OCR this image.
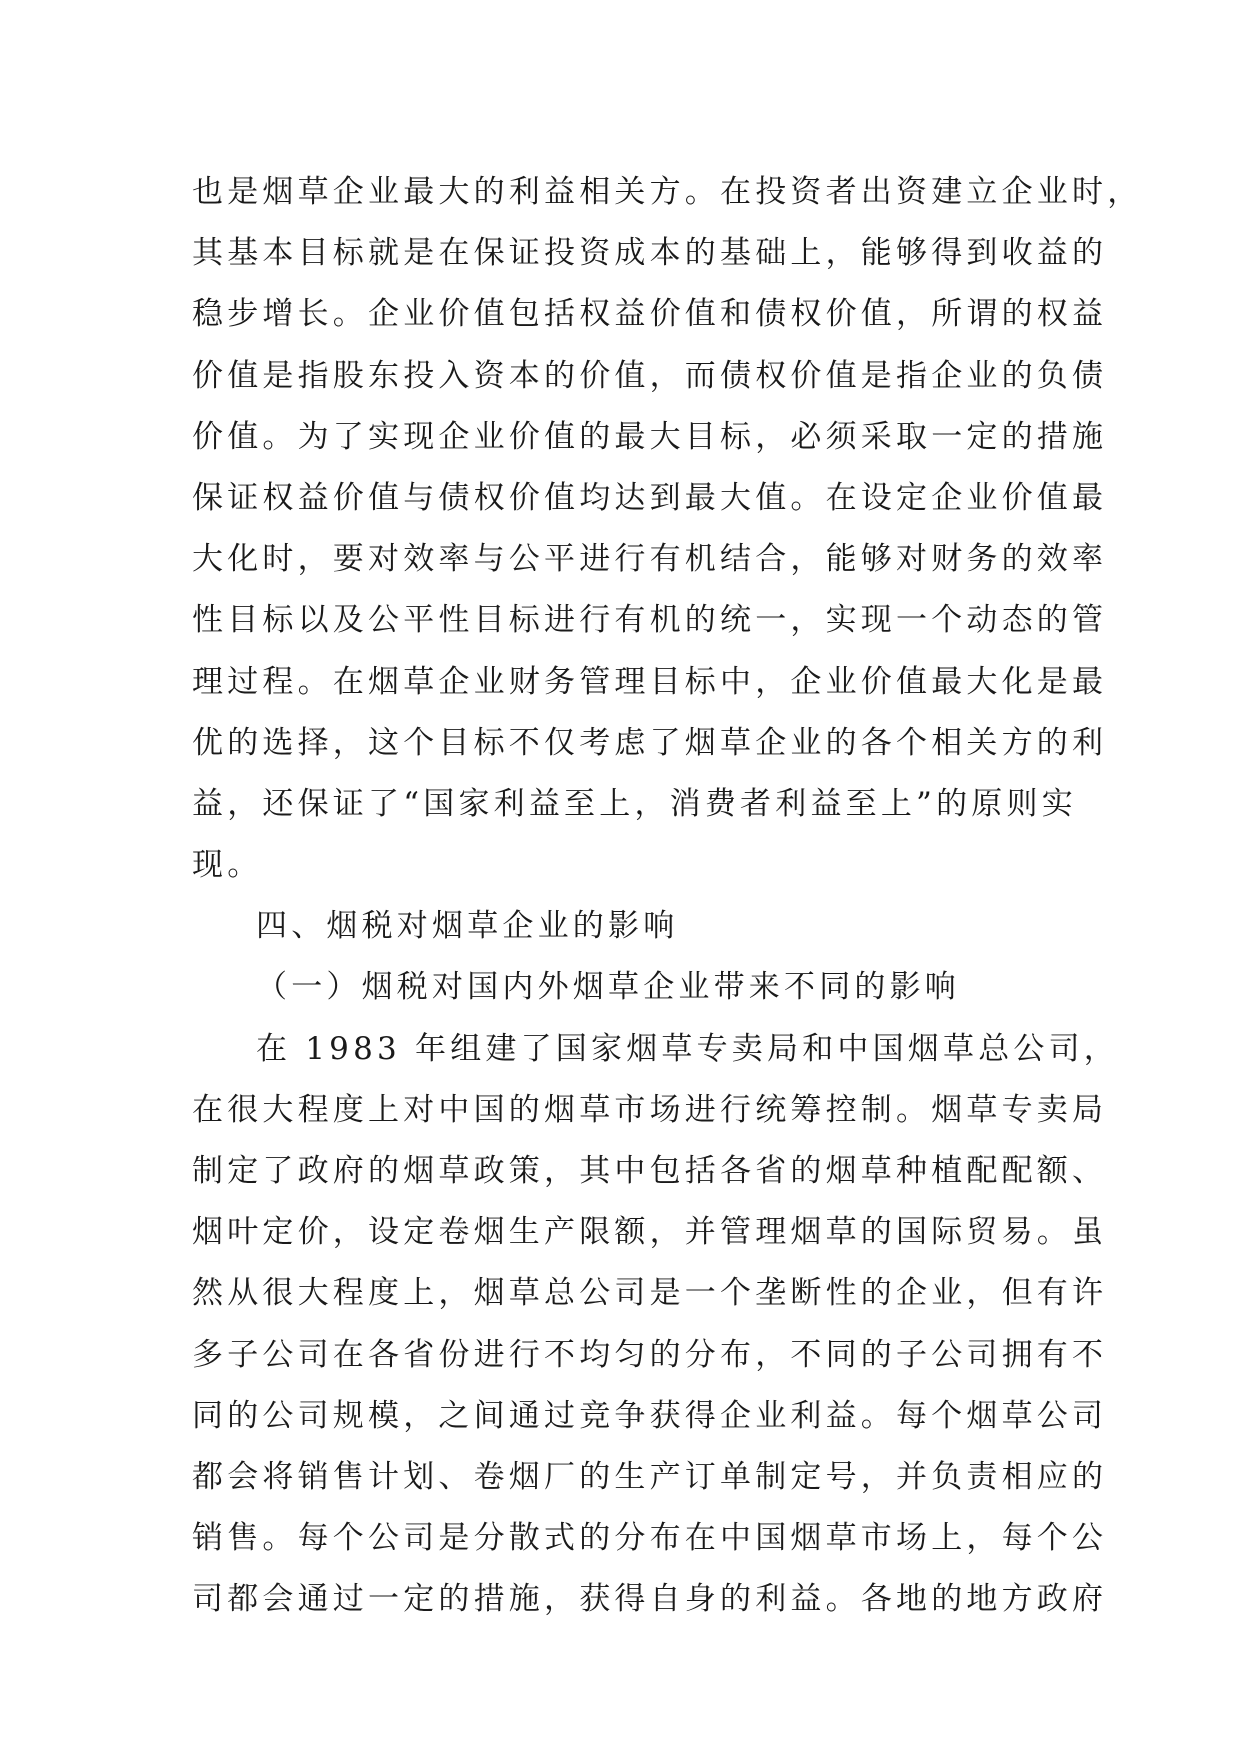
也是烟草企业最大的利益相关方。在投资者出资建立企业时，
其基本目标就是在保证投资成本的基础上，能够得到收益的
稳步增长。企业价值包括权益价值和债权价值，所谓的权益
价值是指股东投入资本的价值，而债权价值是指企业的负债
价值。为了实现企业价值的最大目标，必须采取一定的措施
保证权益价值与债权价值均达到最大值。在设定企业价值最
大化时，要对效率与公平进行有机结合，能够对财务的效率
性目标以及公平性目标进行有机的统一，实现一个动态的管
理过程。在烟草企业财务管理目标中，企业价值最大化是最
优的选择，这个目标不仅考虑了烟草企业的各个相关方的利
益，还保证了“国家利益至上，消费者利益至上”的原则实
现。
四、烟税对烟草企业的影响
（一）烟税对国内外烟草企业带来不同的影响
在 1983 年组建了国家烟草专卖局和中国烟草总公司，
在很大程度上对中国的烟草市场进行统筹控制。烟草专卖局
制定了政府的烟草政策，其中包括各省的烟草种植配配额、
烟叶定价，设定卷烟生产限额，并管理烟草的国际贸易。虽
然从很大程度上，烟草总公司是一个垄断性的企业，但有许
多子公司在各省份进行不均匀的分布，不同的子公司拥有不
同的公司规模，之间通过竞争获得企业利益。每个烟草公司
都会将销售计划、卷烟厂的生产订单制定号，并负责相应的
销售。每个公司是分散式的分布在中国烟草市场上，每个公
司都会通过一定的措施，获得自身的利益。各地的地方政府
